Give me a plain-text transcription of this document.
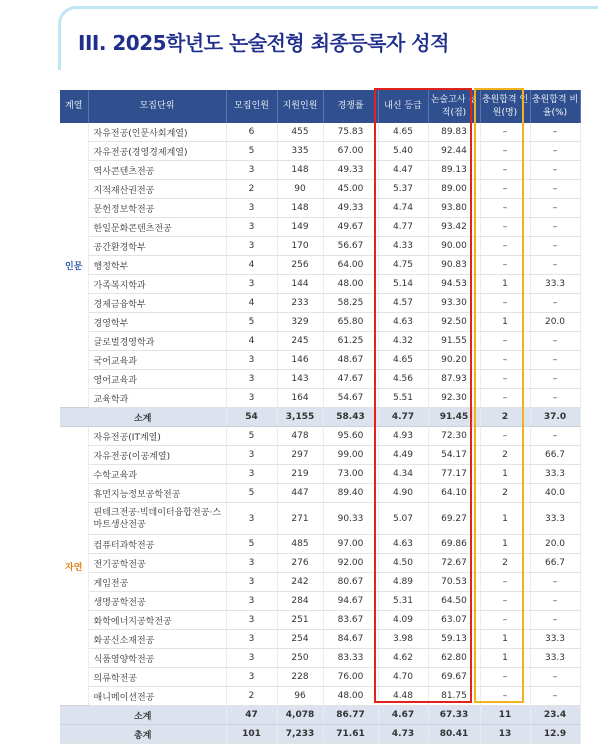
III. 2025학년도 논술전형 최종등록자 성적
계열	모집단위	모집인원	지원인원	경쟁률	내신 등급	논술고사 성적(점)	충원합격 인원(명)	충원합격 비율(%)
인문	자유전공(인문사회계열)	6	455	75.83	4.65	89.83	–	–
	자유전공(경영경제계열)	5	335	67.00	5.40	92.44	–	–
	역사콘텐츠전공	3	148	49.33	4.47	89.13	–	–
	지적재산권전공	2	90	45.00	5.37	89.00	–	–
	문헌정보학전공	3	148	49.33	4.74	93.80	–	–
	한일문화콘텐츠전공	3	149	49.67	4.77	93.42	–	–
	공간환경학부	3	170	56.67	4.33	90.00	–	–
	행정학부	4	256	64.00	4.75	90.83	–	–
	가족복지학과	3	144	48.00	5.14	94.53	1	33.3
	경제금융학부	4	233	58.25	4.57	93.30	–	–
	경영학부	5	329	65.80	4.63	92.50	1	20.0
	글로벌경영학과	4	245	61.25	4.32	91.55	–	–
	국어교육과	3	146	48.67	4.65	90.20	–	–
	영어교육과	3	143	47.67	4.56	87.93	–	–
	교육학과	3	164	54.67	5.51	92.30	–	–
소계		54	3,155	58.43	4.77	91.45	2	37.0
자연	자유전공(IT계열)	5	478	95.60	4.93	72.30	–	–
	자유전공(이공계열)	3	297	99.00	4.49	54.17	2	66.7
	수학교육과	3	219	73.00	4.34	77.17	1	33.3
	휴먼지능정보공학전공	5	447	89.40	4.90	64.10	2	40.0
	핀테크전공·빅데이터융합전공·스마트생산전공	3	271	90.33	5.07	69.27	1	33.3
	컴퓨터과학전공	5	485	97.00	4.63	69.86	1	20.0
	전기공학전공	3	276	92.00	4.50	72.67	2	66.7
	게임전공	3	242	80.67	4.89	70.53	–	–
	생명공학전공	3	284	94.67	5.31	64.50	–	–
	화학에너지공학전공	3	251	83.67	4.09	63.07	–	–
	화공신소재전공	3	254	84.67	3.98	59.13	1	33.3
	식품영양학전공	3	250	83.33	4.62	62.80	1	33.3
	의류학전공	3	228	76.00	4.70	69.67	–	–
	애니메이션전공	2	96	48.00	4.48	81.75	–	–
소계		47	4,078	86.77	4.67	67.33	11	23.4
총계		101	7,233	71.61	4.73	80.41	13	12.9
